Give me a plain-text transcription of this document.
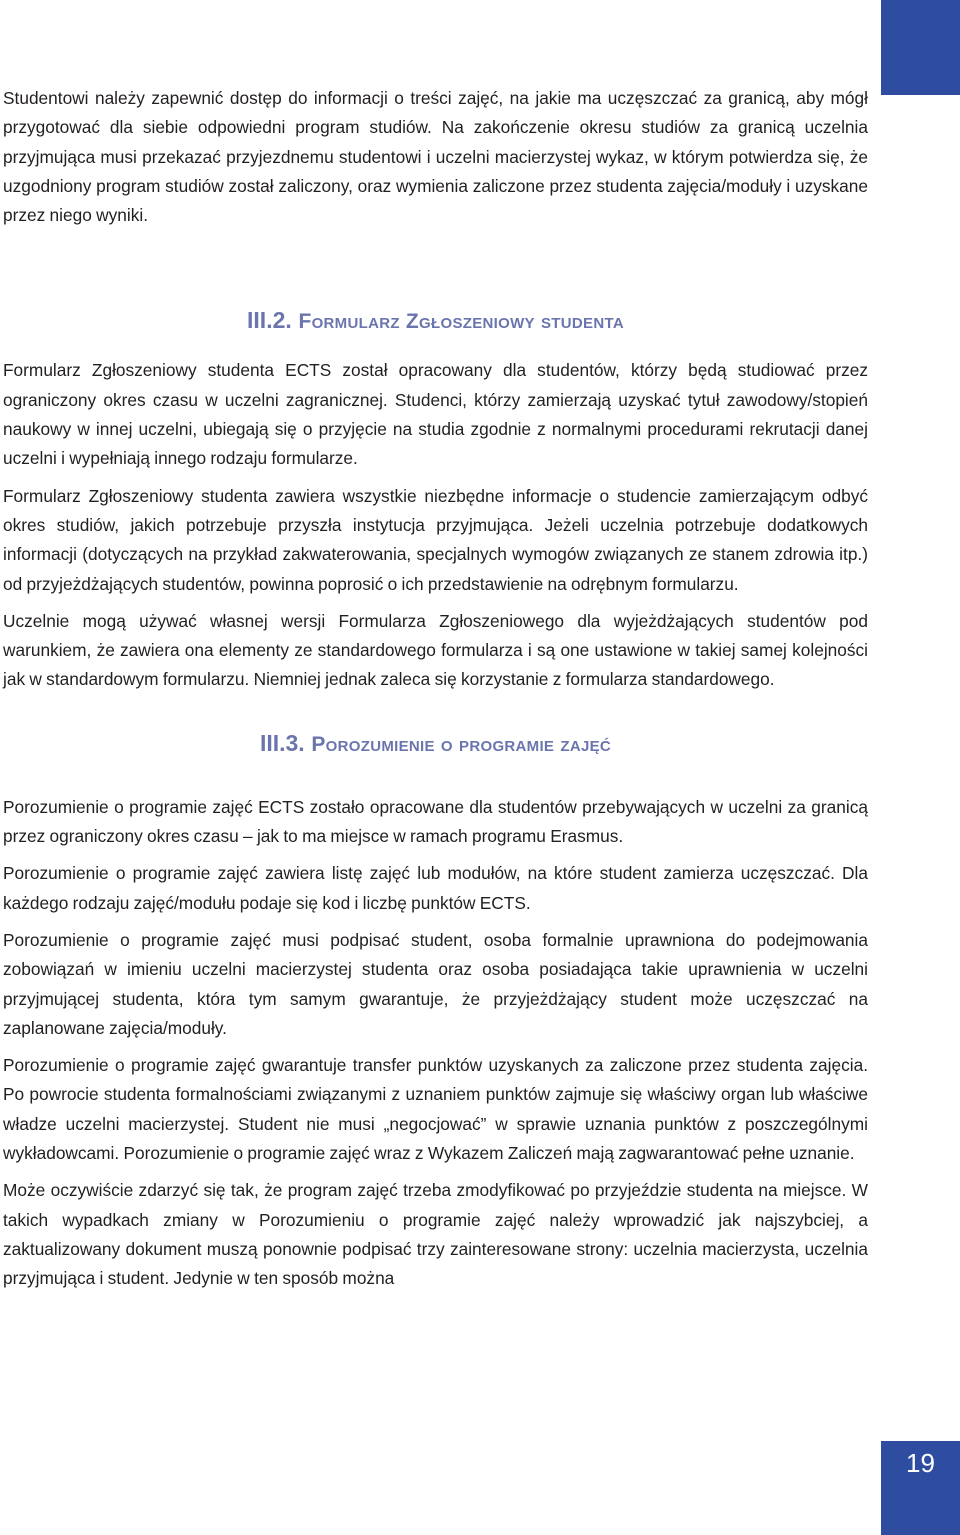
19

Studentowi należy zapewnić dostęp do informacji o treści zajęć, na jakie ma uczęszczać za granicą, aby mógł przygotować dla siebie odpowiedni program studiów. Na zakończenie okresu studiów za granicą uczelnia przyjmująca musi przekazać przyjezdnemu studentowi i uczelni macierzystej wykaz, w którym potwierdza się, że uzgodniony program studiów został zaliczony, oraz wymienia zaliczone przez studenta zajęcia/moduły i uzyskane przez niego wyniki.

III.2. Formularz Zgłoszeniowy studenta

Formularz Zgłoszeniowy studenta ECTS został opracowany dla studentów, którzy będą studiować przez ograniczony okres czasu w uczelni zagranicznej. Studenci, którzy zamierzają uzyskać tytuł zawodowy/stopień naukowy w innej uczelni, ubiegają się o przyjęcie na studia zgodnie z normalnymi procedurami rekrutacji danej uczelni i wypełniają innego rodzaju formularze.

Formularz Zgłoszeniowy studenta zawiera wszystkie niezbędne informacje o studencie zamierzającym odbyć okres studiów, jakich potrzebuje przyszła instytucja przyjmująca. Jeżeli uczelnia potrzebuje dodatkowych informacji (dotyczących na przykład zakwaterowania, specjalnych wymogów związanych ze stanem zdrowia itp.) od przyjeżdżających studentów, powinna poprosić o ich przedstawienie na odrębnym formularzu.

Uczelnie mogą używać własnej wersji Formularza Zgłoszeniowego dla wyjeżdżających studentów pod warunkiem, że zawiera ona elementy ze standardowego formularza i są one ustawione w takiej samej kolejności jak w standardowym formularzu. Niemniej jednak zaleca się korzystanie z formularza standardowego.

III.3. Porozumienie o programie zajęć

Porozumienie o programie zajęć ECTS zostało opracowane dla studentów przebywających w uczelni za granicą przez ograniczony okres czasu – jak to ma miejsce w ramach programu Erasmus.

Porozumienie o programie zajęć zawiera listę zajęć lub modułów, na które student zamierza uczęszczać. Dla każdego rodzaju zajęć/modułu podaje się kod i liczbę punktów ECTS.

Porozumienie o programie zajęć musi podpisać student, osoba formalnie uprawniona do podejmowania zobowiązań w imieniu uczelni macierzystej studenta oraz osoba posiadająca takie uprawnienia w uczelni przyjmującej studenta, która tym samym gwarantuje, że przyjeżdżający student może uczęszczać na zaplanowane zajęcia/moduły.

Porozumienie o programie zajęć gwarantuje transfer punktów uzyskanych za zaliczone przez studenta zajęcia. Po powrocie studenta formalnościami związanymi z uznaniem punktów zajmuje się właściwy organ lub właściwe władze uczelni macierzystej. Student nie musi „negocjować” w sprawie uznania punktów z poszczególnymi wykładowcami. Porozumienie o programie zajęć wraz z Wykazem Zaliczeń mają zagwarantować pełne uznanie.

Może oczywiście zdarzyć się tak, że program zajęć trzeba zmodyfikować po przyjeździe studenta na miejsce. W takich wypadkach zmiany w Porozumieniu o programie zajęć należy wprowadzić jak najszybciej, a zaktualizowany dokument muszą ponownie podpisać trzy zainteresowane strony: uczelnia macierzysta, uczelnia przyjmująca i student. Jedynie w ten sposób można
